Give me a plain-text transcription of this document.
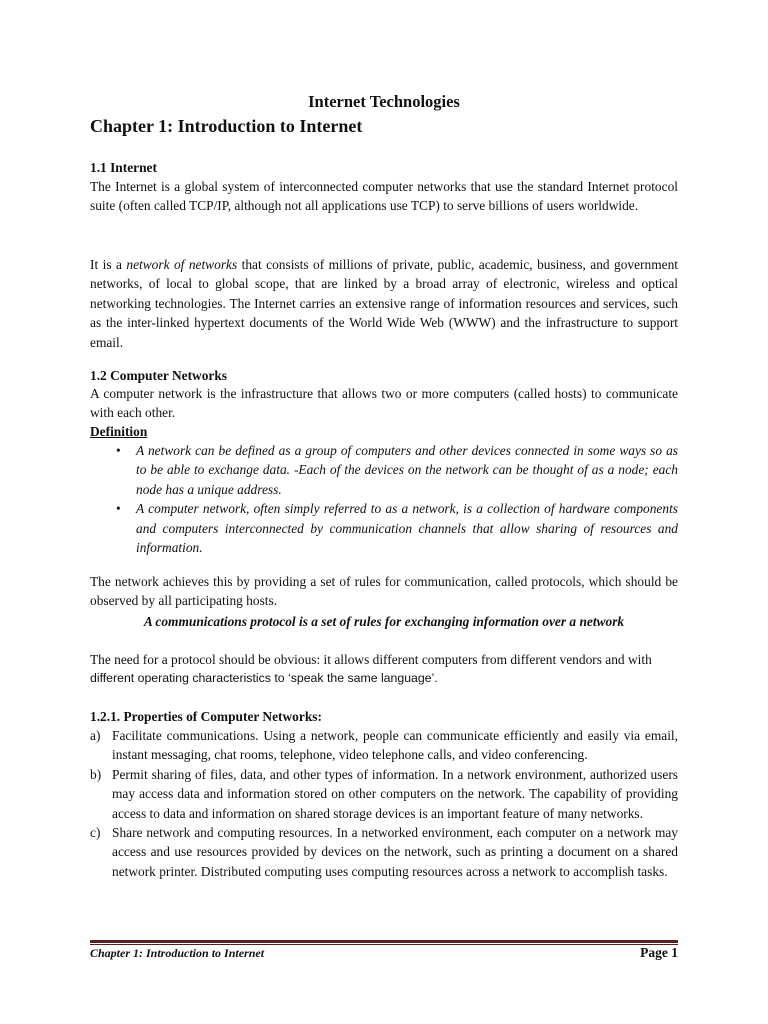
Internet Technologies
Chapter 1: Introduction to Internet
1.1 Internet
The Internet is a global system of interconnected computer networks that use the standard Internet protocol suite (often called TCP/IP, although not all applications use TCP) to serve billions of users worldwide.
It is a network of networks that consists of millions of private, public, academic, business, and government networks, of local to global scope, that are linked by a broad array of electronic, wireless and optical networking technologies. The Internet carries an extensive range of information resources and services, such as the inter-linked hypertext documents of the World Wide Web (WWW) and the infrastructure to support email.
1.2 Computer Networks
A computer network is the infrastructure that allows two or more computers (called hosts) to communicate with each other.
Definition
• A network can be defined as a group of computers and other devices connected in some ways so as to be able to exchange data. -Each of the devices on the network can be thought of as a node; each node has a unique address.
• A computer network, often simply referred to as a network, is a collection of hardware components and computers interconnected by communication channels that allow sharing of resources and information.
The network achieves this by providing a set of rules for communication, called protocols, which should be observed by all participating hosts.
A communications protocol is a set of rules for exchanging information over a network
The need for a protocol should be obvious: it allows different computers from different vendors and with
different operating characteristics to ‘speak the same language’.
1.2.1. Properties of Computer Networks:
a) Facilitate communications. Using a network, people can communicate efficiently and easily via email, instant messaging, chat rooms, telephone, video telephone calls, and video conferencing.
b) Permit sharing of files, data, and other types of information. In a network environment, authorized users may access data and information stored on other computers on the network. The capability of providing access to data and information on shared storage devices is an important feature of many networks.
c) Share network and computing resources. In a networked environment, each computer on a network may access and use resources provided by devices on the network, such as printing a document on a shared network printer. Distributed computing uses computing resources across a network to accomplish tasks.
Chapter 1: Introduction to Internet	Page 1
